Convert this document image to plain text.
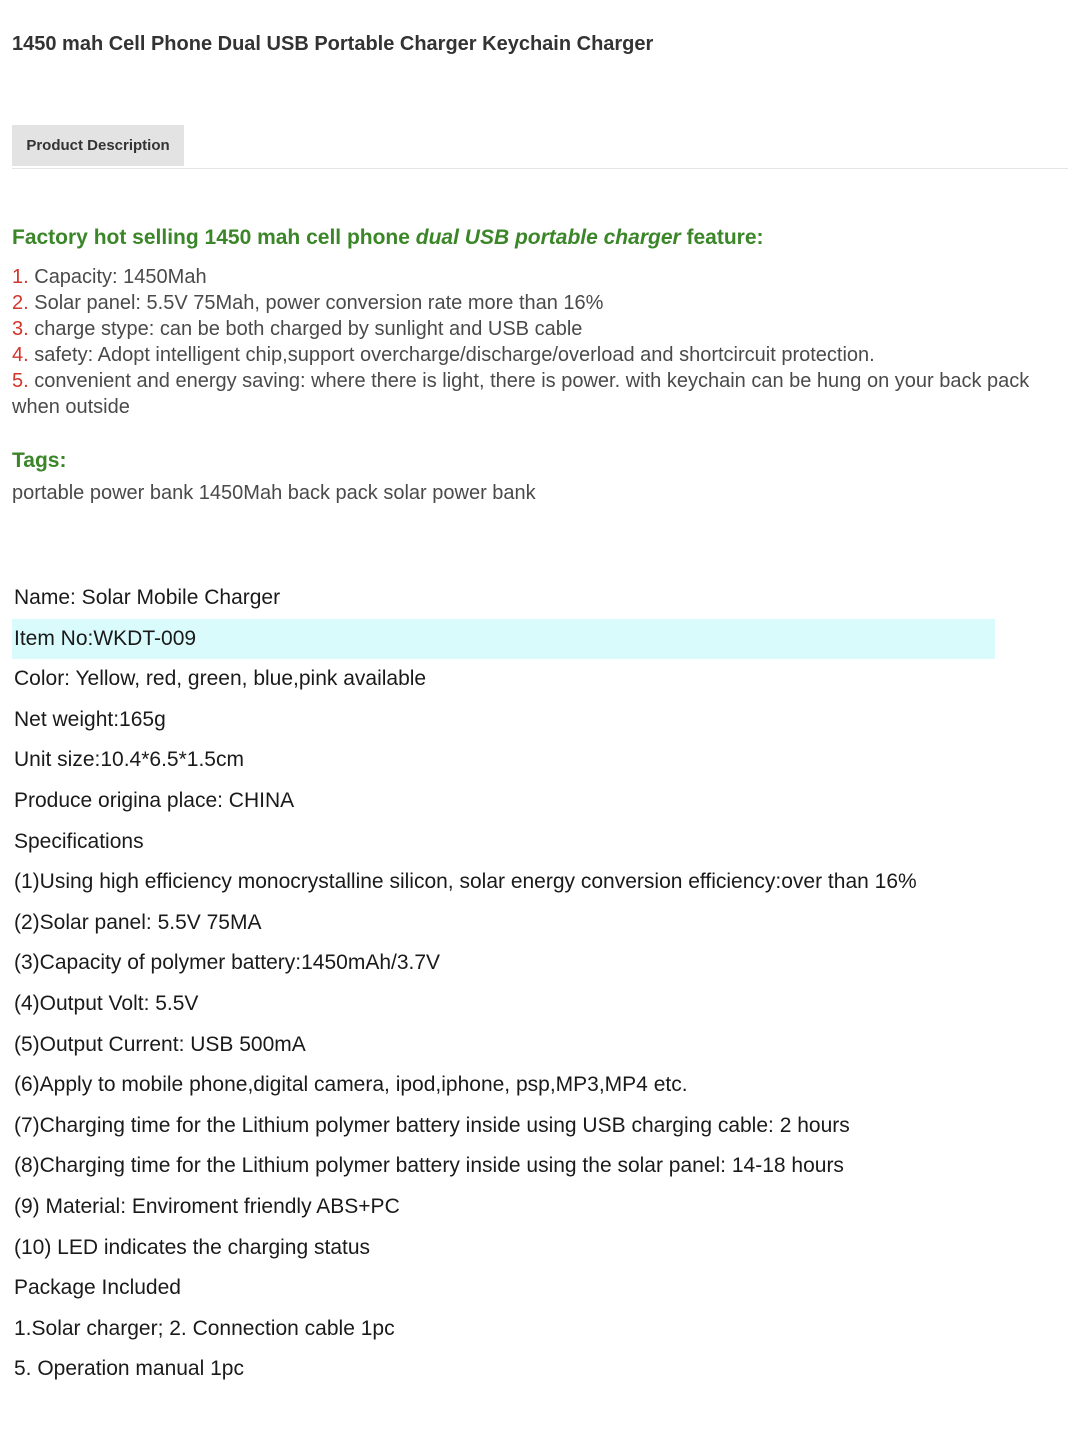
1450 mah Cell Phone Dual USB Portable Charger Keychain Charger
Product Description
Factory hot selling 1450 mah cell phone dual USB portable charger feature:
1. Capacity: 1450Mah
2. Solar panel: 5.5V 75Mah, power conversion rate more than 16%
3. charge stype: can be both charged by sunlight and USB cable
4. safety: Adopt intelligent chip,support overcharge/discharge/overload and shortcircuit protection.
5. convenient and energy saving: where there is light, there is power. with keychain can be hung on your back pack when outside
Tags:
portable power bank 1450Mah back pack solar power bank
Name: Solar Mobile Charger
Item No:WKDT-009
Color: Yellow, red, green, blue,pink available
Net weight:165g
Unit size:10.4*6.5*1.5cm
Produce origina place: CHINA
Specifications
(1)Using high efficiency monocrystalline silicon, solar energy conversion efficiency:over than 16%
(2)Solar panel: 5.5V 75MA
(3)Capacity of polymer battery:1450mAh/3.7V
(4)Output Volt: 5.5V
(5)Output Current: USB 500mA
(6)Apply to mobile phone,digital camera, ipod,iphone, psp,MP3,MP4 etc.
(7)Charging time for the Lithium polymer battery inside using USB charging cable: 2 hours
(8)Charging time for the Lithium polymer battery inside using the solar panel: 14-18 hours
(9) Material: Enviroment friendly ABS+PC
(10) LED indicates the charging status
Package Included
1.Solar charger; 2. Connection cable 1pc
5. Operation manual 1pc
